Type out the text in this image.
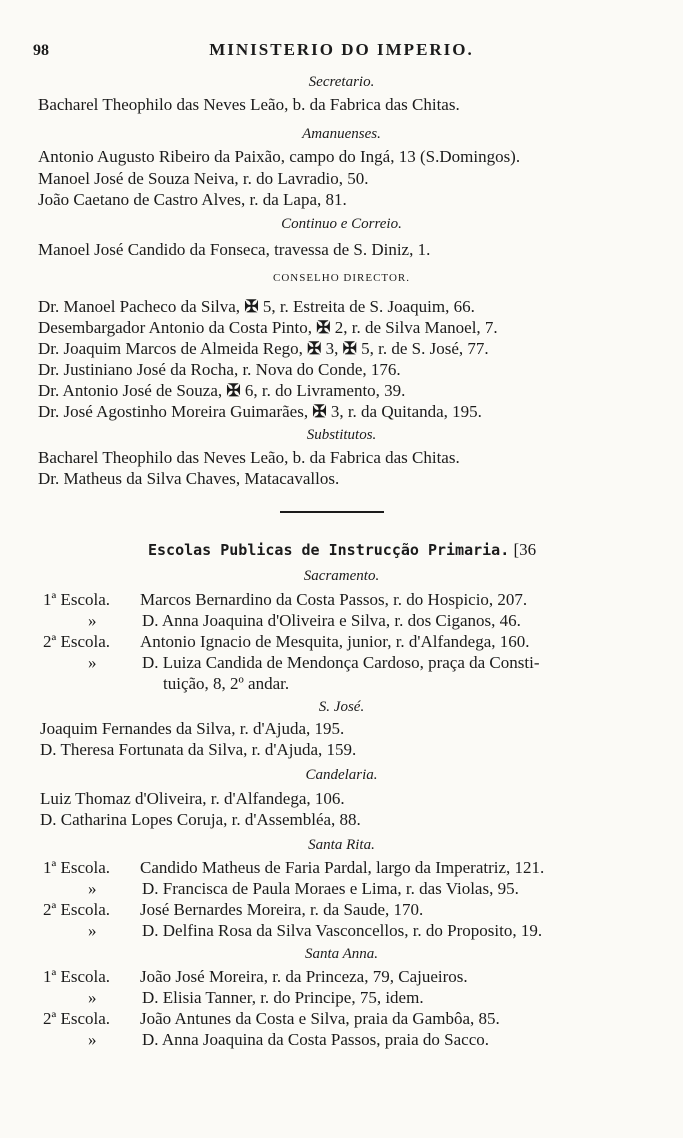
98	MINISTERIO DO IMPERIO.
Secretario.
Bacharel Theophilo das Neves Leão, b. da Fabrica das Chitas.
Amanuenses.
Antonio Augusto Ribeiro da Paixão, campo do Ingá, 13 (S.Domingos).
Manoel José de Souza Neiva, r. do Lavradio, 50.
João Caetano de Castro Alves, r. da Lapa, 81.
Continuo e Correio.
Manoel José Candido da Fonseca, travessa de S. Diniz, 1.
CONSELHO DIRECTOR.
Dr. Manoel Pacheco da Silva, ✠ 5, r. Estreita de S. Joaquim, 66.
Desembargador Antonio da Costa Pinto, ✠ 2, r. de Silva Manoel, 7.
Dr. Joaquim Marcos de Almeida Rego, ✠ 3, ✠ 5, r. de S. José, 77.
Dr. Justiniano José da Rocha, r. Nova do Conde, 176.
Dr. Antonio José de Souza, ✠ 6, r. do Livramento, 39.
Dr. José Agostinho Moreira Guimarães, ✠ 3, r. da Quitanda, 195.
Substitutos.
Bacharel Theophilo das Neves Leão, b. da Fabrica das Chitas.
Dr. Matheus da Silva Chaves, Matacavallos.
Escolas Publicas de Instrucção Primaria. [36
Sacramento.
1ª Escola. Marcos Bernardino da Costa Passos, r. do Hospicio, 207.
»	D. Anna Joaquina d'Oliveira e Silva, r. dos Ciganos, 46.
2ª Escola. Antonio Ignacio de Mesquita, junior, r. d'Alfandega, 160.
»	D. Luiza Candida de Mendonça Cardoso, praça da Consti-
tuição, 8, 2º andar.
S. José.
Joaquim Fernandes da Silva, r. d'Ajuda, 195.
D. Theresa Fortunata da Silva, r. d'Ajuda, 159.
Candelaria.
Luiz Thomaz d'Oliveira, r. d'Alfandega, 106.
D. Catharina Lopes Coruja, r. d'Assembléa, 88.
Santa Rita.
1ª Escola. Candido Matheus de Faria Pardal, largo da Imperatriz, 121.
»	D. Francisca de Paula Moraes e Lima, r. das Violas, 95.
2ª Escola. José Bernardes Moreira, r. da Saude, 170.
»	D. Delfina Rosa da Silva Vasconcellos, r. do Proposito, 19.
Santa Anna.
1ª Escola. João José Moreira, r. da Princeza, 79, Cajueiros.
»	D. Elisia Tanner, r. do Principe, 75, idem.
2ª Escola. João Antunes da Costa e Silva, praia da Gambôa, 85.
»	D. Anna Joaquina da Costa Passos, praia do Sacco.
